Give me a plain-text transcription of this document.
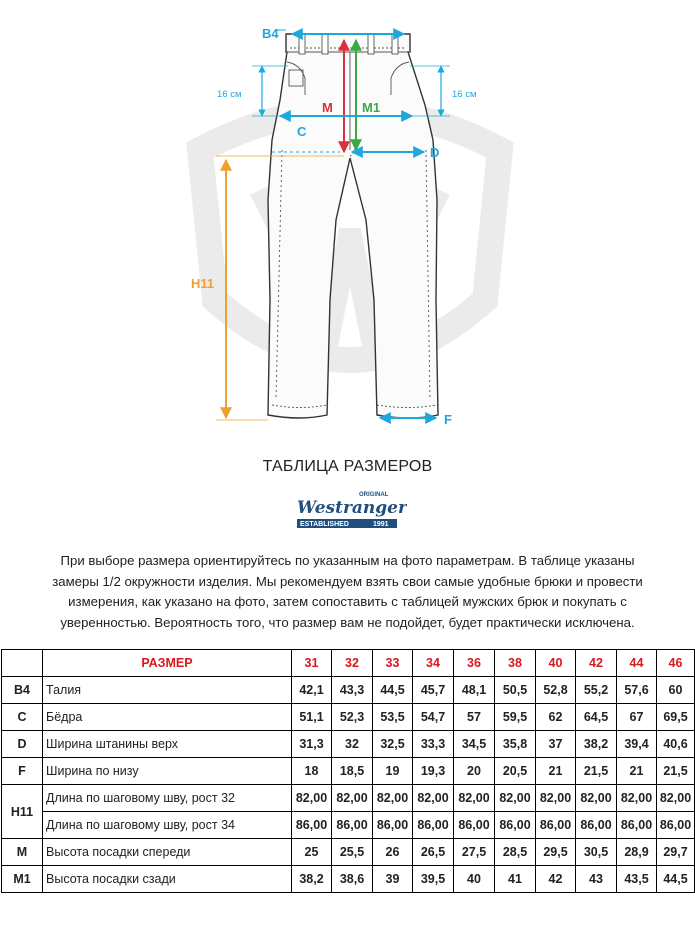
B4
16 см	16 см
M M1
C
D
H11
F
ТАБЛИЦА РАЗМЕРОВ
ORIGINAL
Westranger
ESTABLISHED	1991
При выборе размера ориентируйтесь по указанным на фото параметрам. В таблице указаны
замеры 1/2 окружности изделия. Мы рекомендуем взять свои самые удобные брюки и провести
измерения, как указано на фото, затем сопоставить с таблицей мужских брюк и покупать с
уверенностью. Вероятность того, что размер вам не подойдет, будет практически исключена.
	РАЗМЕР	31	32	33	34	36	38	40	42	44	46
B4	Талия	42,1	43,3	44,5	45,7	48,1	50,5	52,8	55,2	57,6	60
C	Бёдра	51,1	52,3	53,5	54,7	57	59,5	62	64,5	67	69,5
D	Ширина штанины верх	31,3	32	32,5	33,3	34,5	35,8	37	38,2	39,4	40,6
F	Ширина по низу	18	18,5	19	19,3	20	20,5	21	21,5	21	21,5
H11	Длина по шаговому шву, рост 32	82,00	82,00	82,00	82,00	82,00	82,00	82,00	82,00	82,00	82,00
	Длина по шаговому шву, рост 34	86,00	86,00	86,00	86,00	86,00	86,00	86,00	86,00	86,00	86,00
M	Высота посадки спереди	25	25,5	26	26,5	27,5	28,5	29,5	30,5	28,9	29,7
M1	Высота посадки сзади	38,2	38,6	39	39,5	40	41	42	43	43,5	44,5
